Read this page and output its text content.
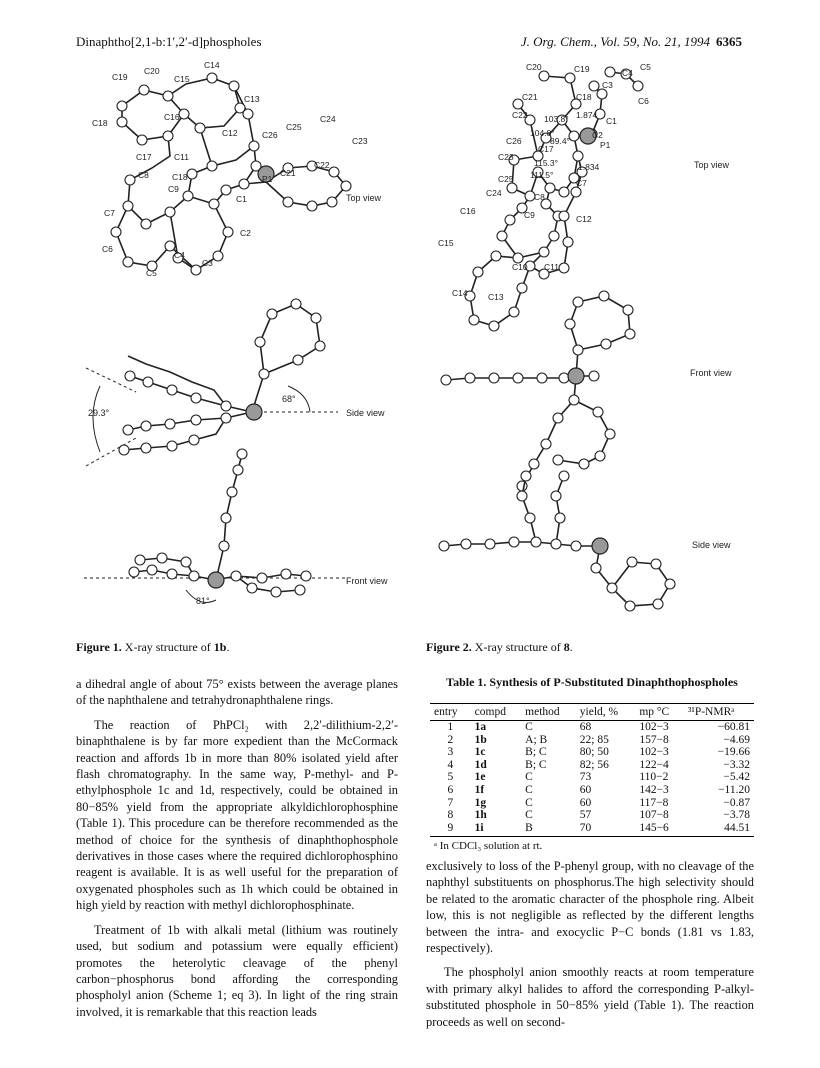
Dinaphtho[2,1-b:1′,2′-d]phospholes	J. Org. Chem., Vol. 59, No. 21, 1994 6365
C19
C20
C15
C14
C13
C18
C16
C12	C26
C25
C24
C23
C22
C21
C17	C11
C18	P1
C8
C9
C1
C7
C2
C6
C4
C3
C5
Top view
29.3°
68°
Side view
81°
Front view
Figure 1. X-ray structure of 1b.
C20	C19	C4
C5
C3
C6
C22
C18
C1
C21
103.8° 1.874
C26
104.8°
89.4°	P1
C2
C17
C23
115.3°
111.5°
1.834
C25
C8
C7
C24
C16	C9	C12
C15
C10 C11
C14 C13
Top view
Front view
Side view
Figure 2. X-ray structure of 8.

a dihedral angle of about 75° exists between the average planes of the naphthalene and tetrahydronaphthalene rings.

The reaction of PhPCl₂ with 2,2′-dilithium-2,2′-binaphthalene is by far more expedient than the McCormack reaction and affords 1b in more than 80% isolated yield after flash chromatography. In the same way, P-methyl- and P-ethylphosphole 1c and 1d, respectively, could be obtained in 80−85% yield from the appropriate alkyldichlorophosphine (Table 1). This procedure can be therefore recommended as the method of choice for the synthesis of dinaphthophosphole derivatives in those cases where the required dichlorophosphino reagent is available. It is as well useful for the preparation of oxygenated phospholes such as 1h which could be obtained in high yield by reaction with methyl dichlorophosphinate.

Treatment of 1b with alkali metal (lithium was routinely used, but sodium and potassium were equally efficient) promotes the heterolytic cleavage of the phenyl carbon−phosphorus bond affording the corresponding phospholyl anion (Scheme 1; eq 3). In light of the ring strain involved, it is remarkable that this reaction leads

Table 1. Synthesis of P-Substituted Dinaphthophospholes
entry	compd	method	yield, %	mp °C	³¹P-NMRᵃ
1	1a	C	68	102−3	−60.81
2	1b	A; B	22; 85	157−8	−4.69
3	1c	B; C	80; 50	102−3	−19.66
4	1d	B; C	82; 56	122−4	−3.32
5	1e	C	73	110−2	−5.42
6	1f	C	60	142−3	−11.20
7	1g	C	60	117−8	−0.87
8	1h	C	57	107−8	−3.78
9	1i	B	70	145−6	44.51
ᵃ In CDCl₃ solution at rt.

exclusively to loss of the P-phenyl group, with no cleavage of the naphthyl substituents on phosphorus.The high selectivity should be related to the aromatic character of the phosphole ring. Albeit low, this is not negligible as reflected by the different lengths between the intra- and exocyclic P−C bonds (1.81 vs 1.83, respectively).

The phospholyl anion smoothly reacts at room temperature with primary alkyl halides to afford the corresponding P-alkyl-substituted phosphole in 50−85% yield (Table 1). The reaction proceeds as well on second-
